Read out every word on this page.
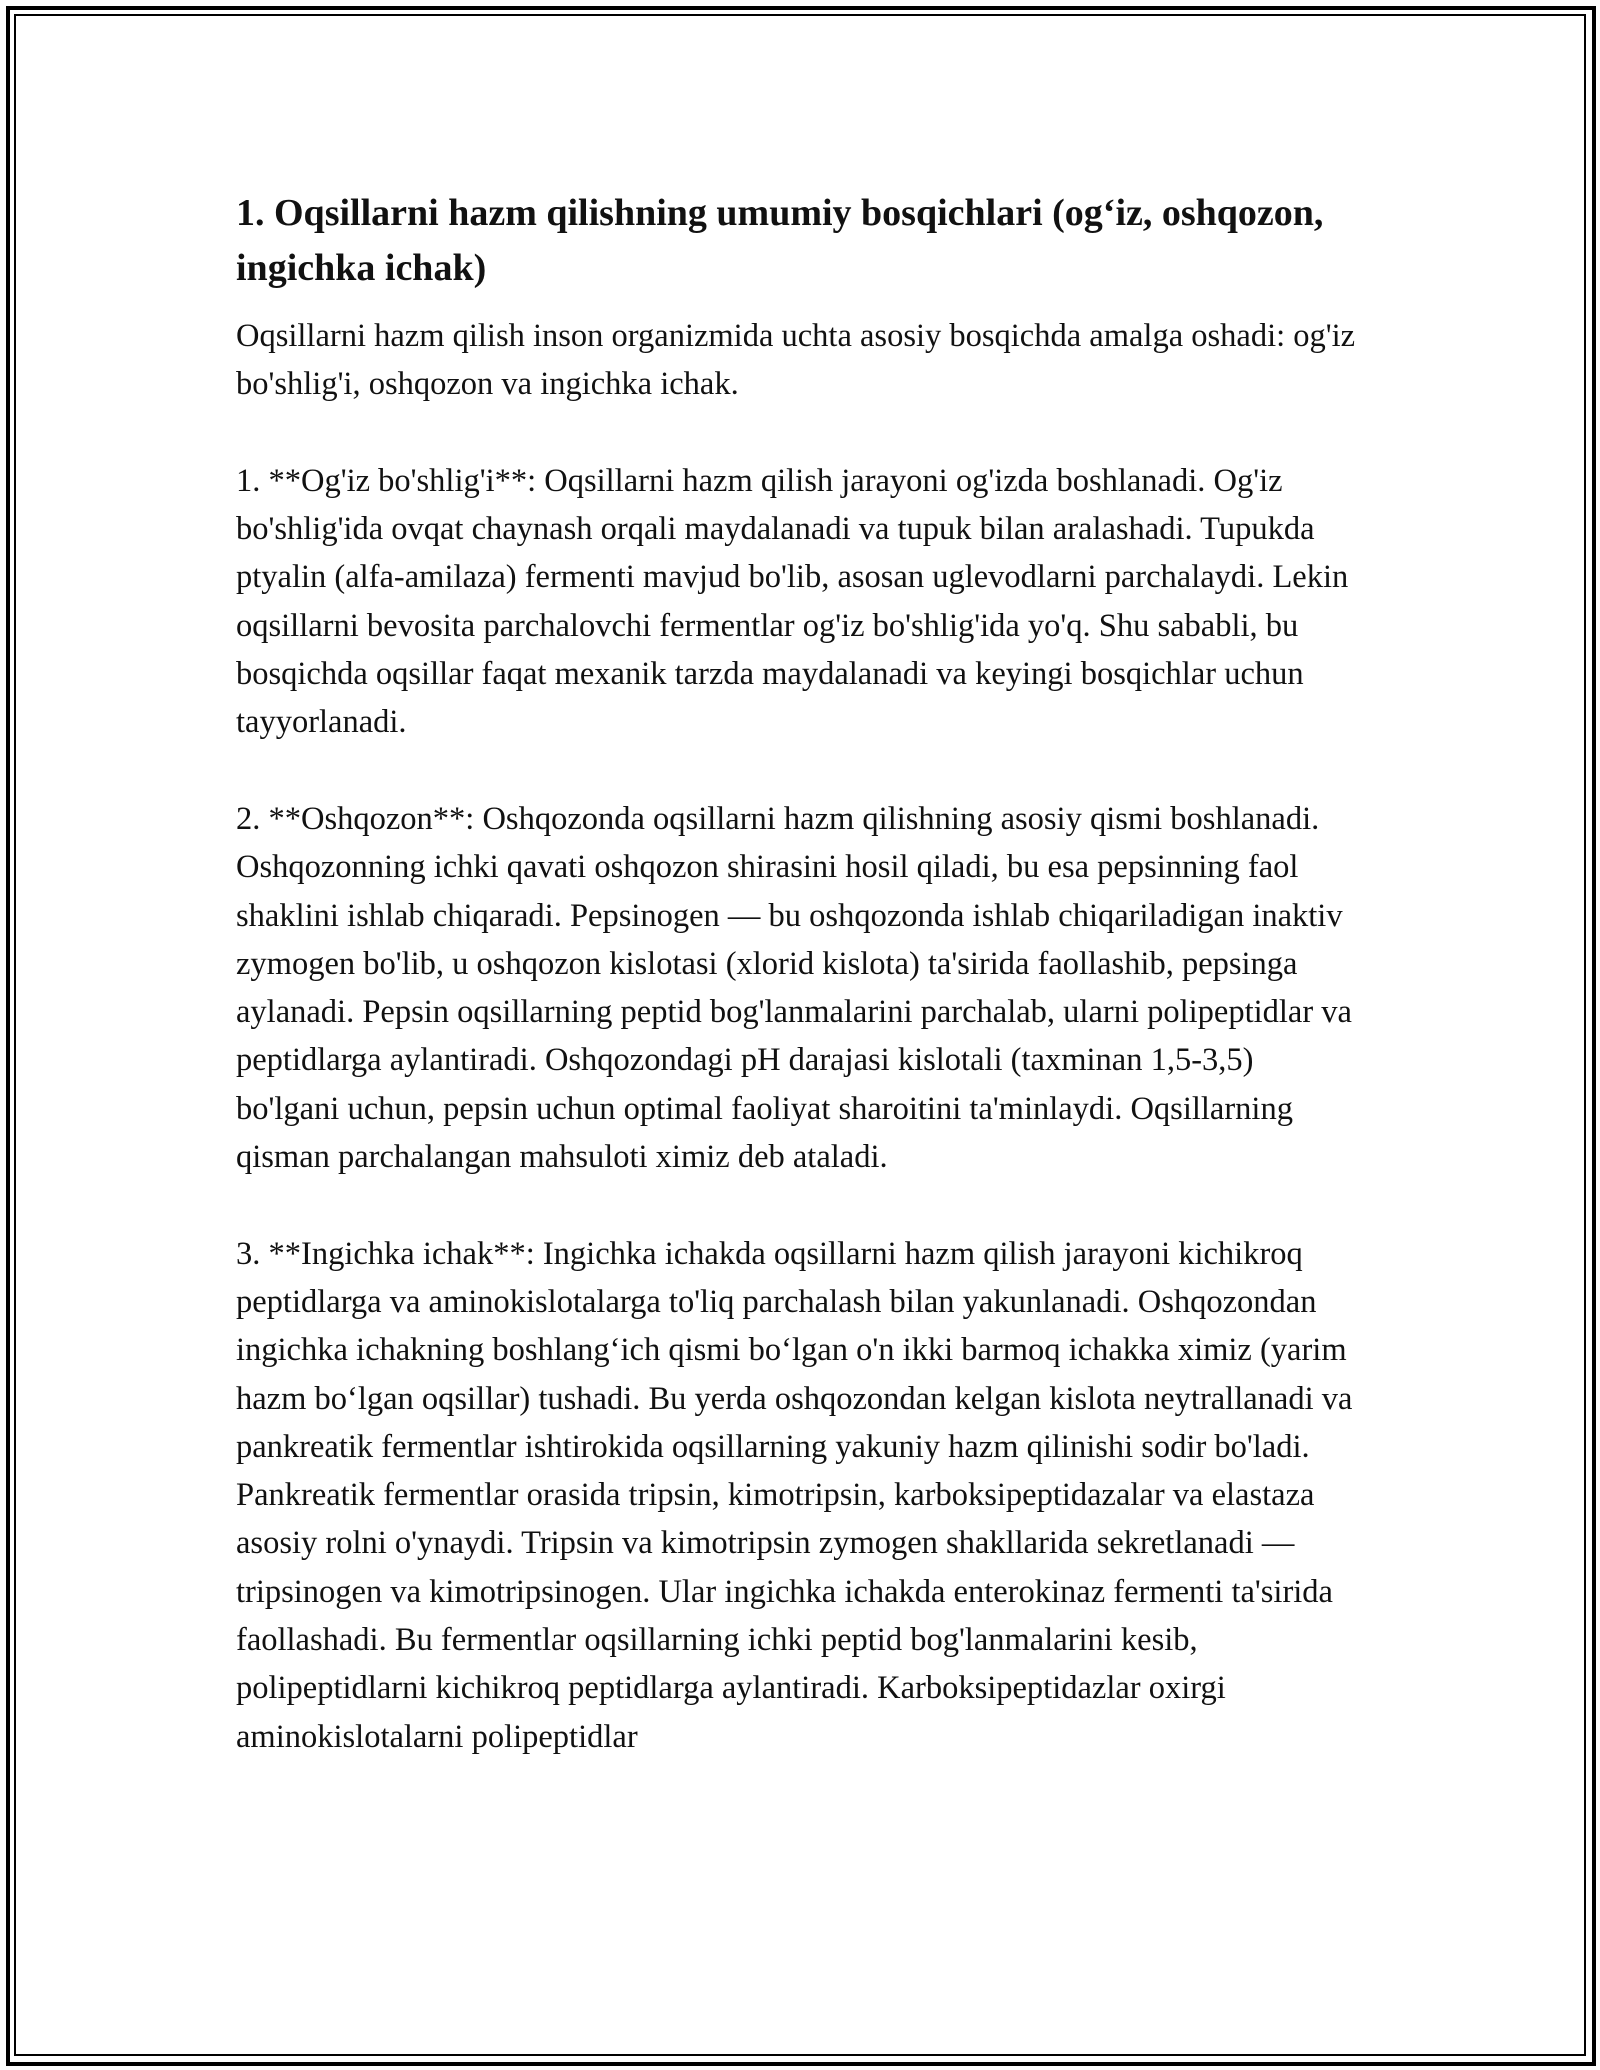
1. Oqsillarni hazm qilishning umumiy bosqichlari (og‘iz, oshqozon, ingichka ichak)

Oqsillarni hazm qilish inson organizmida uchta asosiy bosqichda amalga oshadi: og'iz bo'shlig'i, oshqozon va ingichka ichak.

1. **Og'iz bo'shlig'i**: Oqsillarni hazm qilish jarayoni og'izda boshlanadi. Og'iz bo'shlig'ida ovqat chaynash orqali maydalanadi va tupuk bilan aralashadi. Tupukda ptyalin (alfa-amilaza) fermenti mavjud bo'lib, asosan uglevodlarni parchalaydi. Lekin oqsillarni bevosita parchalovchi fermentlar og'iz bo'shlig'ida yo'q. Shu sababli, bu bosqichda oqsillar faqat mexanik tarzda maydalanadi va keyingi bosqichlar uchun tayyorlanadi.

2. **Oshqozon**: Oshqozonda oqsillarni hazm qilishning asosiy qismi boshlanadi. Oshqozonning ichki qavati oshqozon shirasini hosil qiladi, bu esa pepsinning faol shaklini ishlab chiqaradi. Pepsinogen — bu oshqozonda ishlab chiqariladigan inaktiv zymogen bo'lib, u oshqozon kislotasi (xlorid kislota) ta'sirida faollashib, pepsinga aylanadi. Pepsin oqsillarning peptid bog'lanmalarini parchalab, ularni polipeptidlar va peptidlarga aylantiradi. Oshqozondagi pH darajasi kislotali (taxminan 1,5-3,5) bo'lgani uchun, pepsin uchun optimal faoliyat sharoitini ta'minlaydi. Oqsillarning qisman parchalangan mahsuloti ximiz deb ataladi.

3. **Ingichka ichak**: Ingichka ichakda oqsillarni hazm qilish jarayoni kichikroq peptidlarga va aminokislotalarga to'liq parchalash bilan yakunlanadi. Oshqozondan ingichka ichakning boshlang‘ich qismi bo‘lgan o'n ikki barmoq ichakka ximiz (yarim hazm bo‘lgan oqsillar) tushadi. Bu yerda oshqozondan kelgan kislota neytrallanadi va pankreatik fermentlar ishtirokida oqsillarning yakuniy hazm qilinishi sodir bo'ladi. Pankreatik fermentlar orasida tripsin, kimotripsin, karboksipeptidazalar va elastaza asosiy rolni o'ynaydi. Tripsin va kimotripsin zymogen shakllarida sekretlanadi — tripsinogen va kimotripsinogen. Ular ingichka ichakda enterokinaz fermenti ta'sirida faollashadi. Bu fermentlar oqsillarning ichki peptid bog'lanmalarini kesib, polipeptidlarni kichikroq peptidlarga aylantiradi. Karboksipeptidazlar oxirgi aminokislotalarni polipeptidlar
